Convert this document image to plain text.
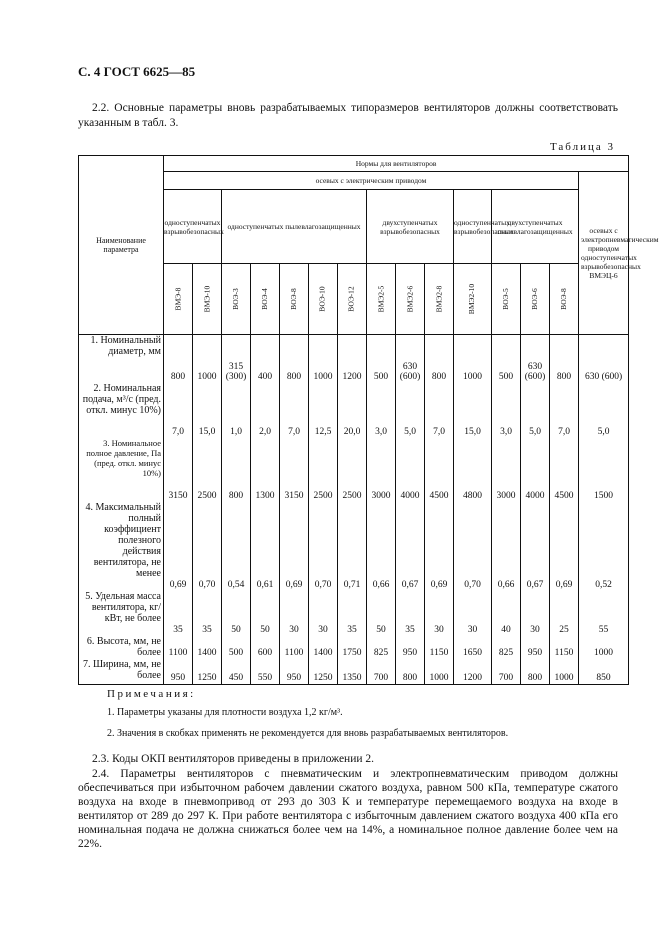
С. 4 ГОСТ 6625—85
2.2. Основные параметры вновь разрабатываемых типоразмеров вентиляторов должны соответствовать указанным в табл. 3.
Таблица 3
Наименование параметра	Нормы для вентиляторов														
	осевых с электрическим приводом														осевых с электропневматическим приводом одноступенчатых взрывобезопасных ВМЭЦ-6
	одноступенчатых взрывобезопасных		одноступенчатых пылевлагозащищенных					двухступенчатых взрывобезопасных			одноступенчатых взрывобезопасных	двухступенчатых пылевлагозащищенных			
	ВМЭ-8	ВМЭ-10	ВОЭ-3	ВОЭ-4	ВОЭ-8	ВОЭ-10	ВОЭ-12	ВМЭ2-5	ВМЭ2-6	ВМЭ2-8	ВМЭ2-10	ВОЭ-5	ВОЭ-6	ВОЭ-8	
1. Номинальный диаметр, мм	800	1000	315 (300)	400	800	1000	1200	500	630 (600)	800	1000	500	630 (600)	800	630 (600)
2. Номинальная подача, м³/с (пред. откл. минус 10%)	7,0	15,0	1,0	2,0	7,0	12,5	20,0	3,0	5,0	7,0	15,0	3,0	5,0	7,0	5,0
3. Номинальное полное давление, Па (пред. откл. минус 10%)	3150	2500	800	1300	3150	2500	2500	3000	4000	4500	4800	3000	4000	4500	1500
4. Максимальный полный коэффициент полезного действия вентилятора, не менее	0,69	0,70	0,54	0,61	0,69	0,70	0,71	0,66	0,67	0,69	0,70	0,66	0,67	0,69	0,52
5. Удельная масса вентилятора, кг/кВт, не более	35	35	50	50	30	30	35	50	35	30	30	40	30	25	55
6. Высота, мм, не более	1100	1400	500	600	1100	1400	1750	825	950	1150	1650	825	950	1150	1000
7. Ширина, мм, не более	950	1250	450	550	950	1250	1350	700	800	1000	1200	700	800	1000	850
Примечания:
1. Параметры указаны для плотности воздуха 1,2 кг/м³.
2. Значения в скобках применять не рекомендуется для вновь разрабатываемых вентиляторов.
2.3. Коды ОКП вентиляторов приведены в приложении 2.
2.4. Параметры вентиляторов с пневматическим и электропневматическим приводом должны обеспечиваться при избыточном рабочем давлении сжатого воздуха, равном 500 кПа, температуре сжатого воздуха на входе в пневмопривод от 293 до 303 К и температуре перемещаемого воздуха на входе в вентилятор от 289 до 297 К. При работе вентилятора с избыточным давлением сжатого воздуха 400 кПа его номинальная подача не должна снижаться более чем на 14%, а номинальное полное давление более чем на 22%.
